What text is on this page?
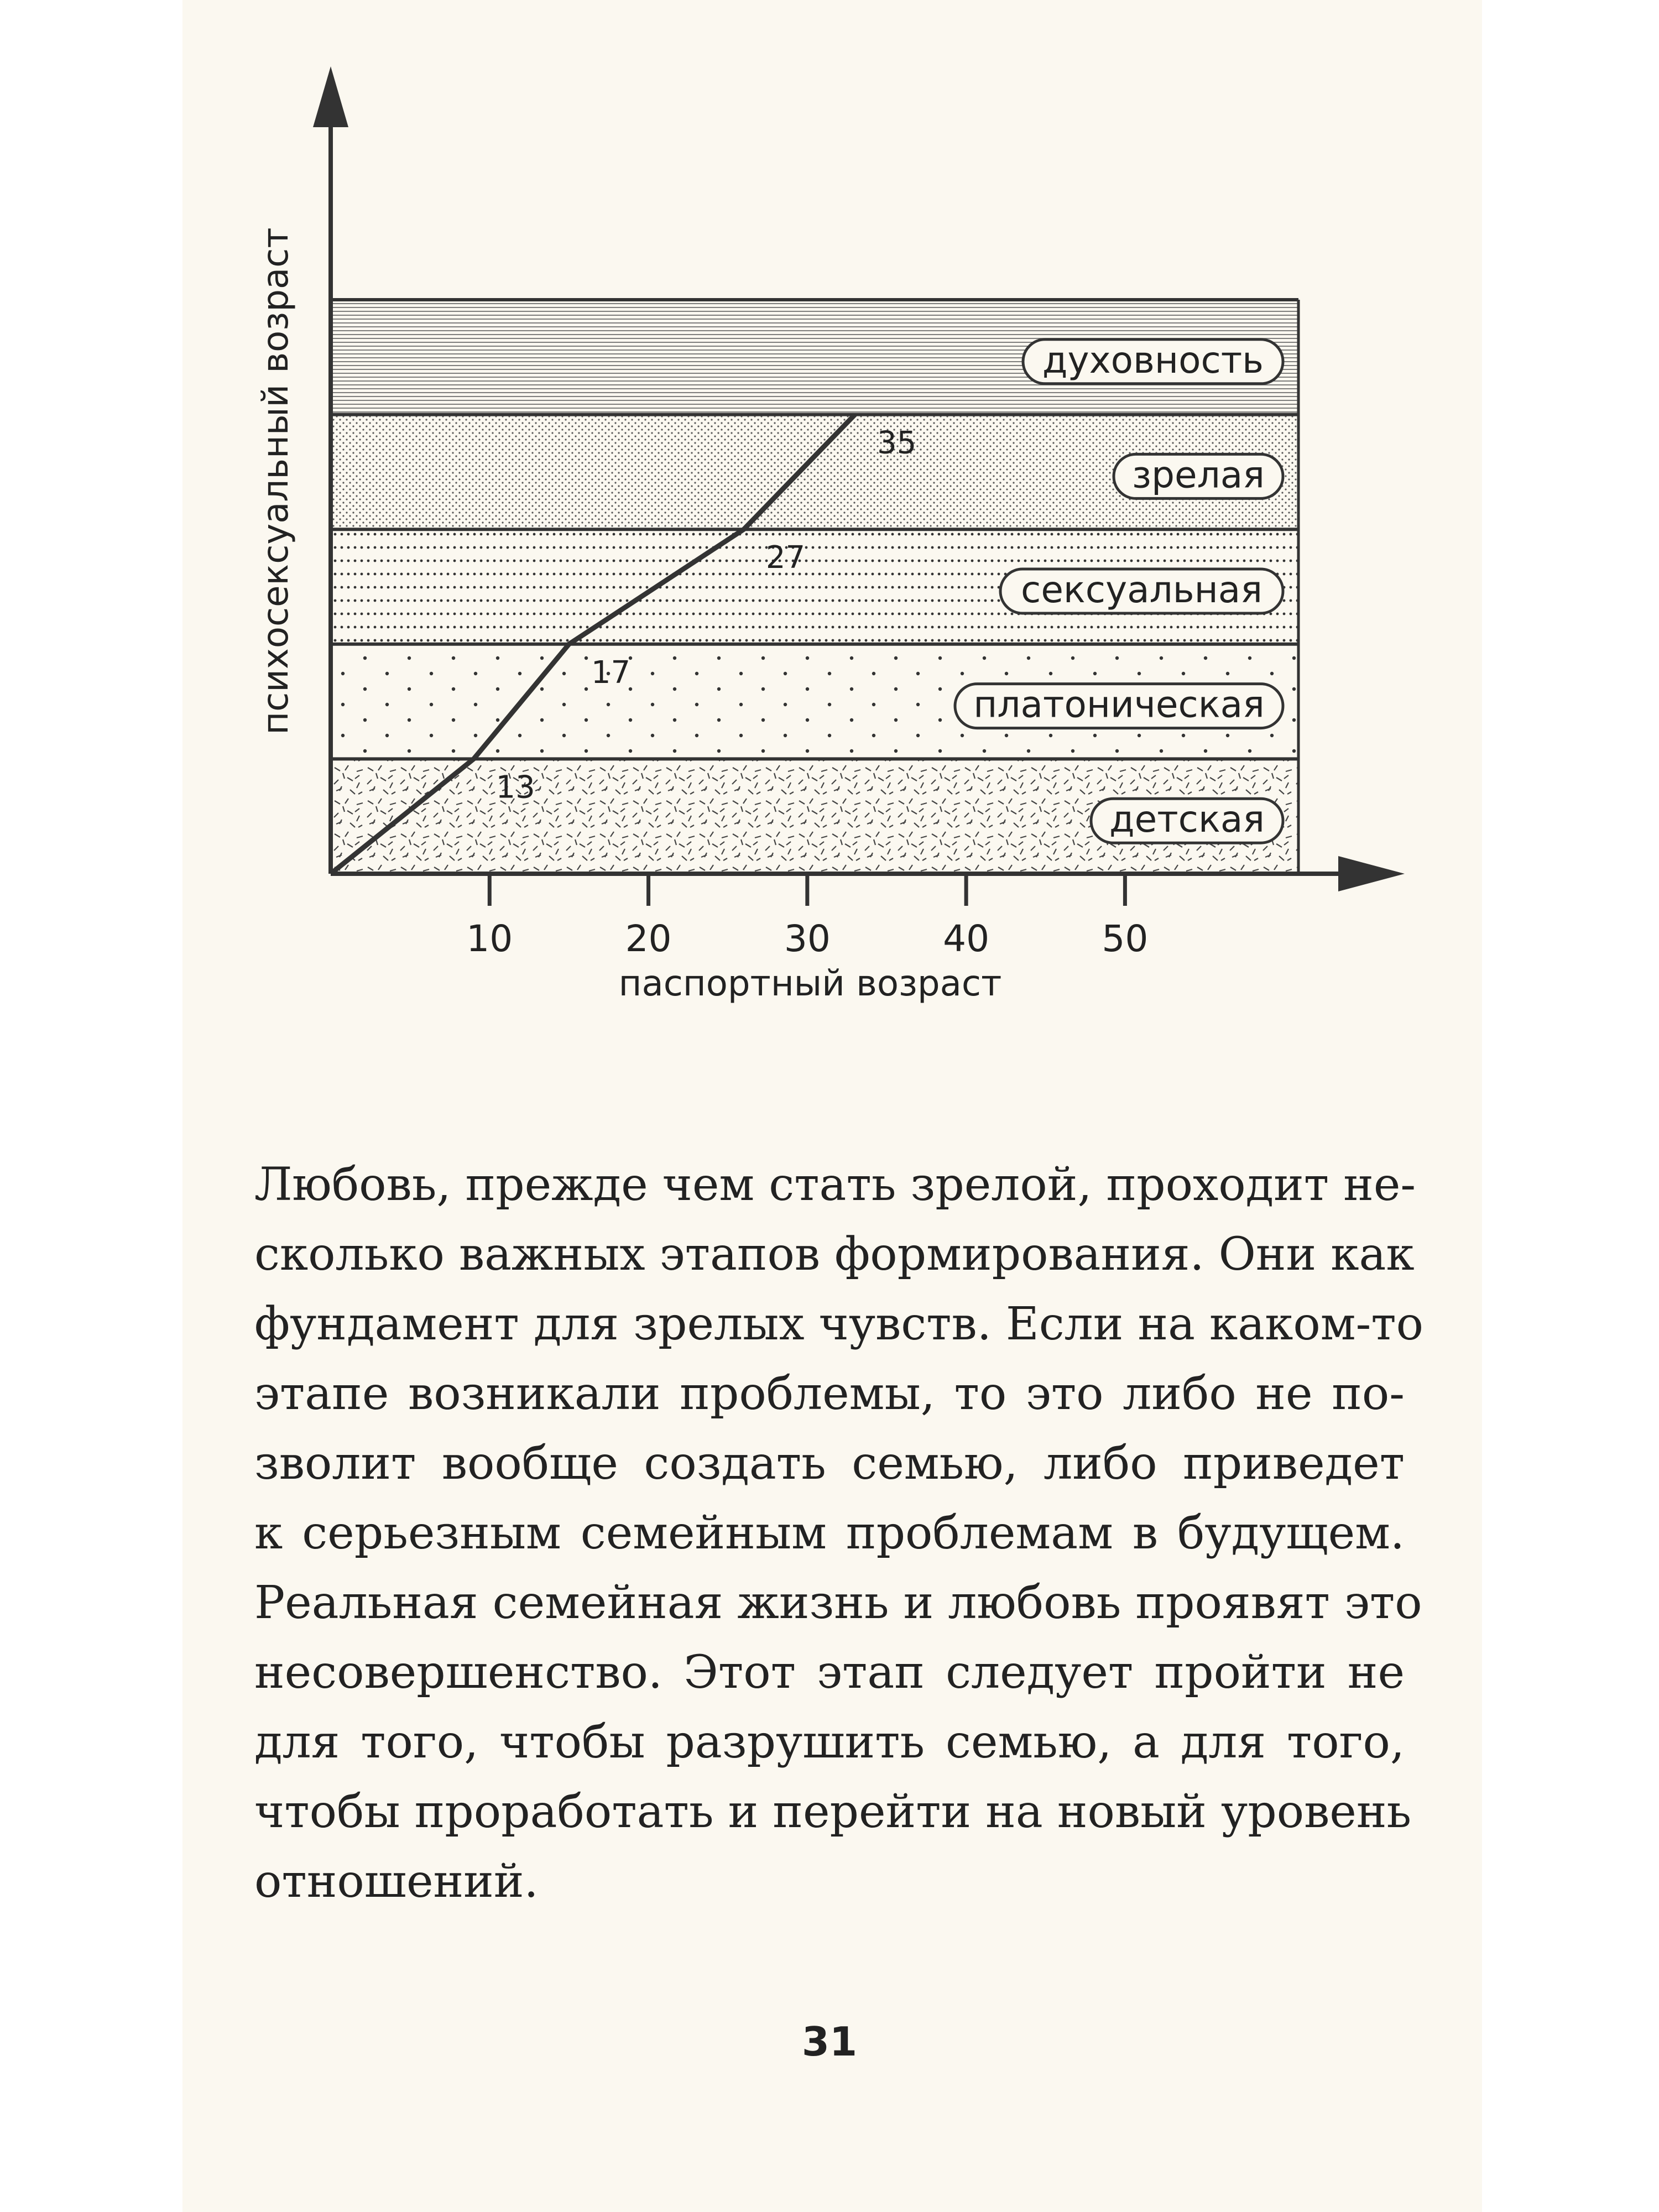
детская
платоническая
сексуальная
зрелая
духовность
10	20	30	40	50
паспортный возраст
психосексуальный возраст
13
17
27
35
Любовь, прежде чем стать зрелой, проходит не-
сколько важных этапов формирования. Они как
фундамент для зрелых чувств. Если на каком-то
этапе возникали проблемы, то это либо не по-
зволит вообще создать семью, либо приведет
к серьезным семейным проблемам в будущем.
Реальная семейная жизнь и любовь проявят это
несовершенство. Этот этап следует пройти не
для того, чтобы разрушить семью, а для того,
чтобы проработать и перейти на новый уровень
отношений.
31
